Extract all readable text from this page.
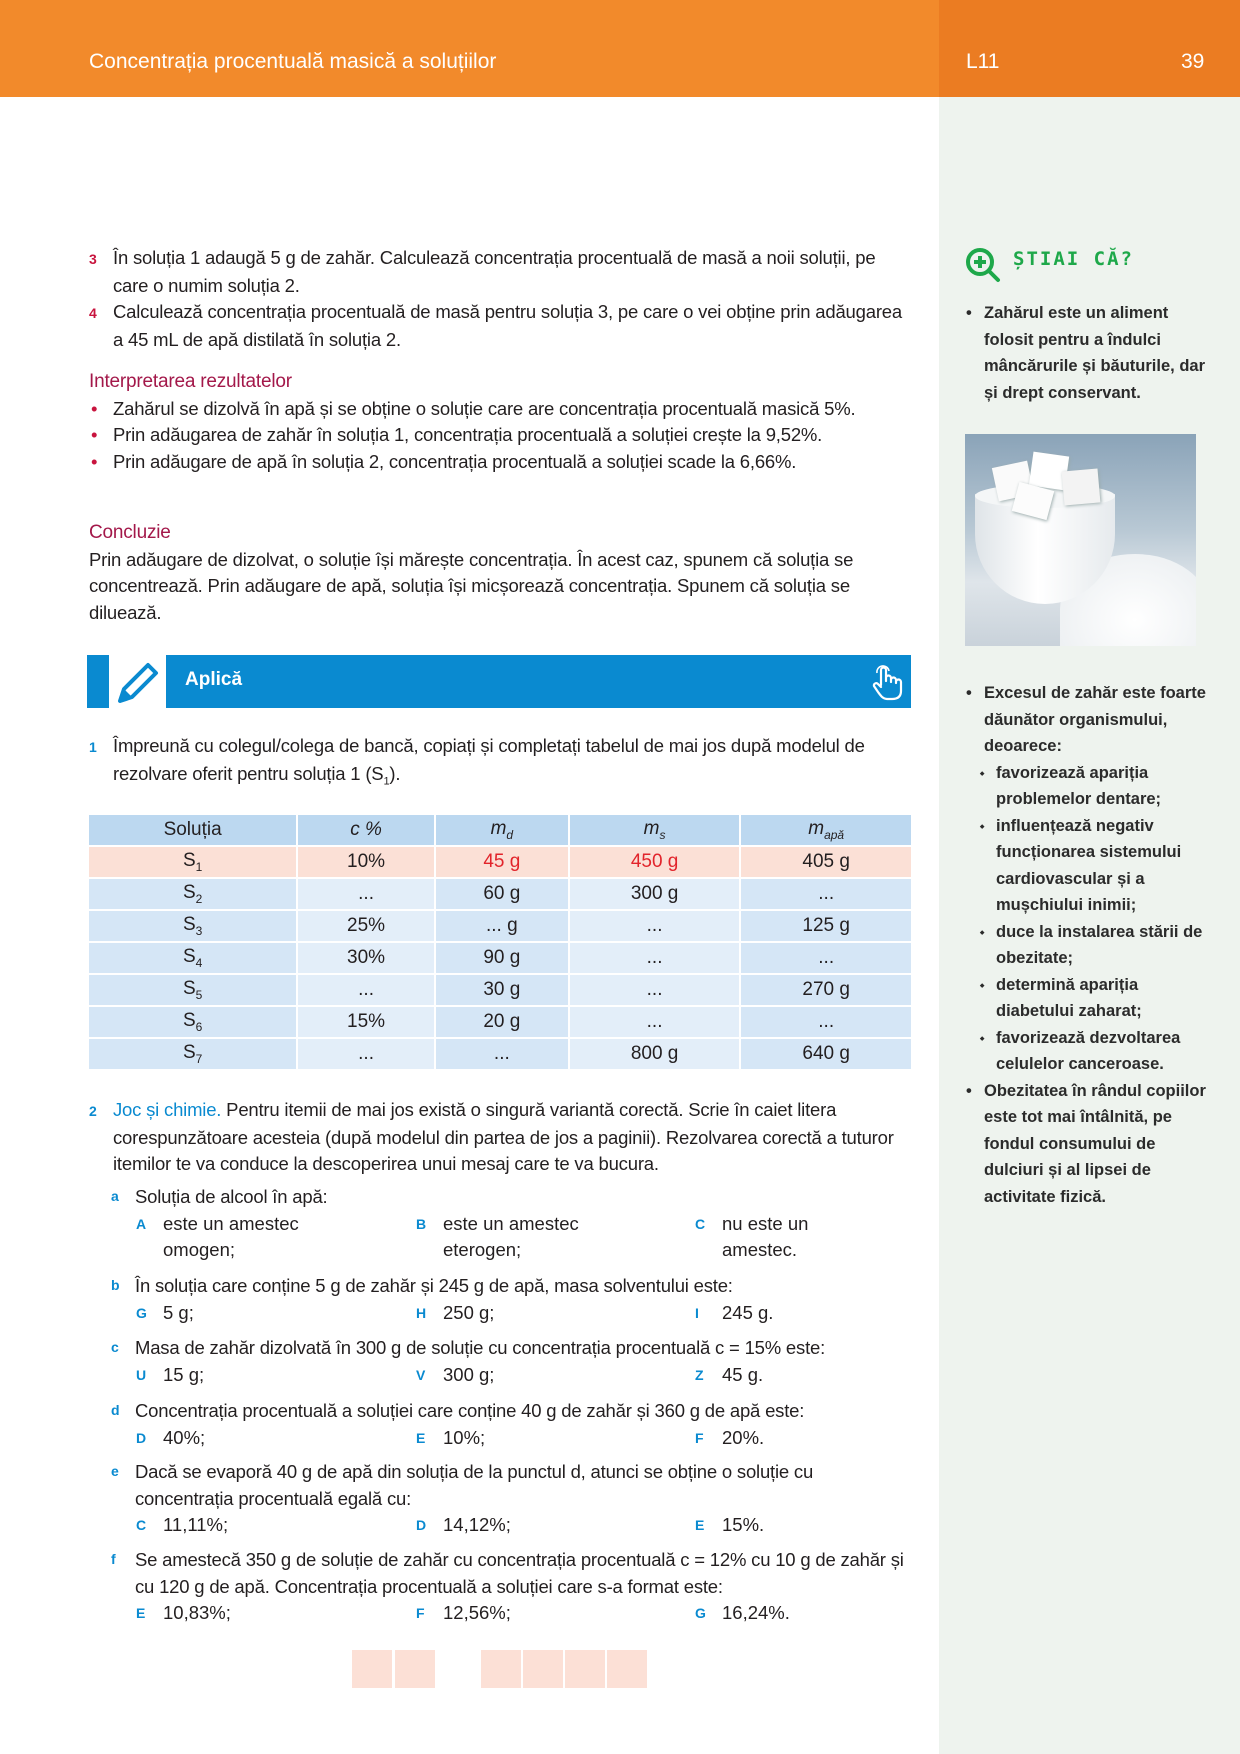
Concentrația procentuală masică a soluțiilor	L11	39
3 În soluția 1 adaugă 5 g de zahăr. Calculează concentrația procentuală de masă a noii soluții, pe care o numim soluția 2.
4 Calculează concentrația procentuală de masă pentru soluția 3, pe care o vei obține prin adăugarea a 45 mL de apă distilată în soluția 2.
Interpretarea rezultatelor
• Zahărul se dizolvă în apă și se obține o soluție care are concentrația procentuală masică 5%.
• Prin adăugarea de zahăr în soluția 1, concentrația procentuală a soluției crește la 9,52%.
• Prin adăugare de apă în soluția 2, concentrația procentuală a soluției scade la 6,66%.
Concluzie
Prin adăugare de dizolvat, o soluție își mărește concentrația. În acest caz, spunem că soluția se concentrează. Prin adăugare de apă, soluția își micșorează concentrația. Spunem că soluția se diluează.
Aplică
1 Împreună cu colegul/colega de bancă, copiați și completați tabelul de mai jos după modelul de rezolvare oferit pentru soluția 1 $(S_1)$.
Soluția	c %	$m_d$	$m_s$	$m_{apă}$
$S_1$	10%	45 g	450 g	405 g
$S_2$	...	60 g	300 g	...
$S_3$	25%	... g	...	125 g
$S_4$	30%	90 g	...	...
$S_5$	...	30 g	...	270 g
$S_6$	15%	20 g	...	...
$S_7$	...	...	800 g	640 g
2 Joc și chimie. Pentru itemii de mai jos există o singură variantă corectă. Scrie în caiet litera corespunzătoare acesteia (după modelul din partea de jos a paginii). Rezolvarea corectă a tuturor itemilor te va conduce la descoperirea unui mesaj care te va bucura.
a Soluția de alcool în apă:
A este un amestec omogen;
B este un amestec eterogen;
C nu este un amestec.
b În soluția care conține 5 g de zahăr și 245 g de apă, masa solventului este:
G 5 g;	H 250 g;	I 245 g.
c Masa de zahăr dizolvată în 300 g de soluție cu concentrația procentuală c = 15% este:
U 15 g;	V 300 g;	Z 45 g.
d Concentrația procentuală a soluției care conține 40 g de zahăr și 360 g de apă este:
D 40%;	E 10%;	F 20%.
e Dacă se evaporă 40 g de apă din soluția de la punctul d, atunci se obține o soluție cu concentrația procentuală egală cu:
C 11,11%;	D 14,12%;	E 15%.
f Se amestecă 350 g de soluție de zahăr cu concentrația procentuală c = 12% cu 10 g de zahăr și cu 120 g de apă. Concentrația procentuală a soluției care s-a format este:
E 10,83%;	F 12,56%;	G 16,24%.
ȘTIAI CĂ?
• Zahărul este un aliment folosit pentru a îndulci mâncărurile și băuturile, dar și drept conservant.
• Excesul de zahăr este foarte dăunător organismului, deoarece:
⬩ favorizează apariția problemelor dentare;
⬩ influențează negativ funcționarea sistemului cardiovascular și a mușchiului inimii;
⬩ duce la instalarea stării de obezitate;
⬩ determină apariția diabetului zaharat;
⬩ favorizează dezvoltarea celulelor canceroase.
• Obezitatea în rândul copiilor este tot mai întâlnită, pe fondul consumului de dulciuri și al lipsei de activitate fizică.
